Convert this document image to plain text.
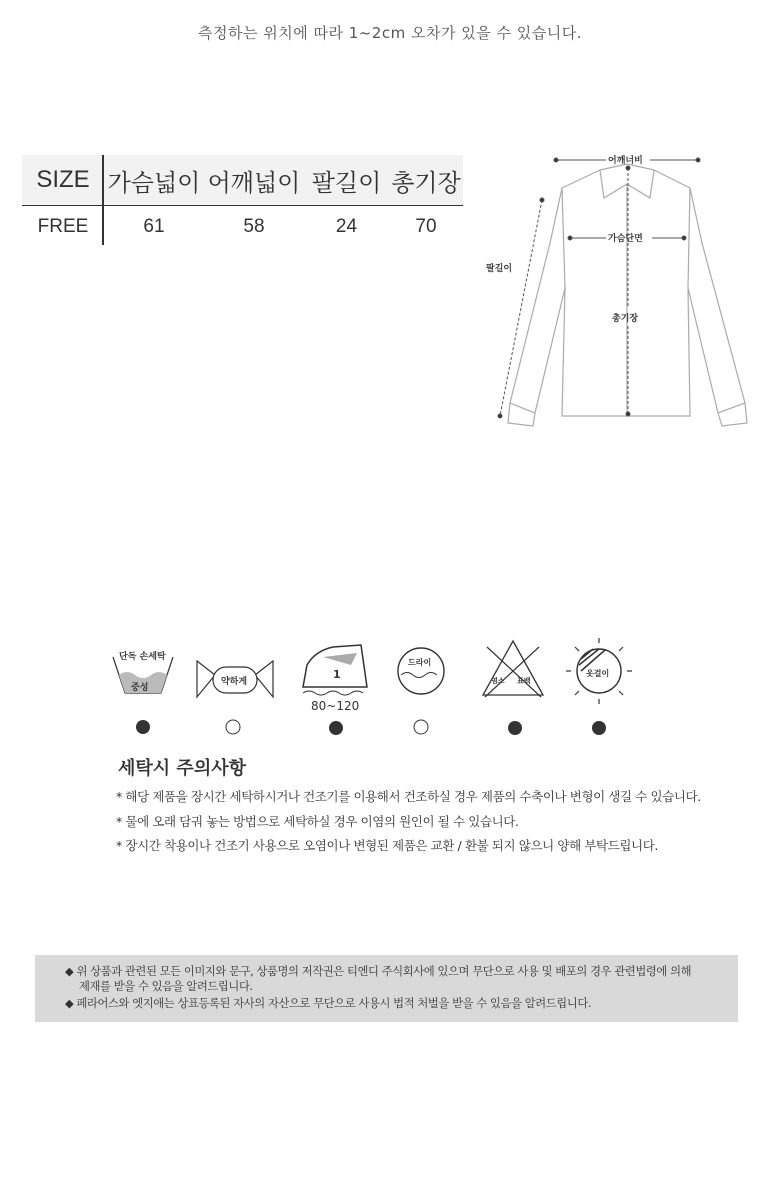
측정하는 위치에 따라 1~2cm 오차가 있을 수 있습니다.
SIZE 가슴넓이 어깨넓이 팔길이 총기장
FREE	61	58	24	70
어깨너비
가슴단면
팔길이
총기장
단독 손세탁
중성
약하게
1
80~120
드라이
염소 표백
옷걸이
세탁시 주의사항
* 해당 제품을 장시간 세탁하시거나 건조기를 이용해서 건조하실 경우 제품의 수축이나 변형이 생길 수 있습니다.
* 물에 오래 담궈 놓는 방법으로 세탁하실 경우 이염의 원인이 될 수 있습니다.
* 장시간 착용이나 건조기 사용으로 오염이나 변형된 제품은 교환 / 환불 되지 않으니 양해 부탁드립니다.
◆ 위 상품과 관련된 모든 이미지와 문구, 상품명의 저작권은 티엔디 주식회사에 있으며 무단으로 사용 및 배포의 경우 관련법령에 의해
제재를 받을 수 있음을 알려드립니다.
◆ 페라어스와 엣지애는 상표등록된 자사의 자산으로 무단으로 사용시 법적 처벌을 받을 수 있음을 알려드립니다.
